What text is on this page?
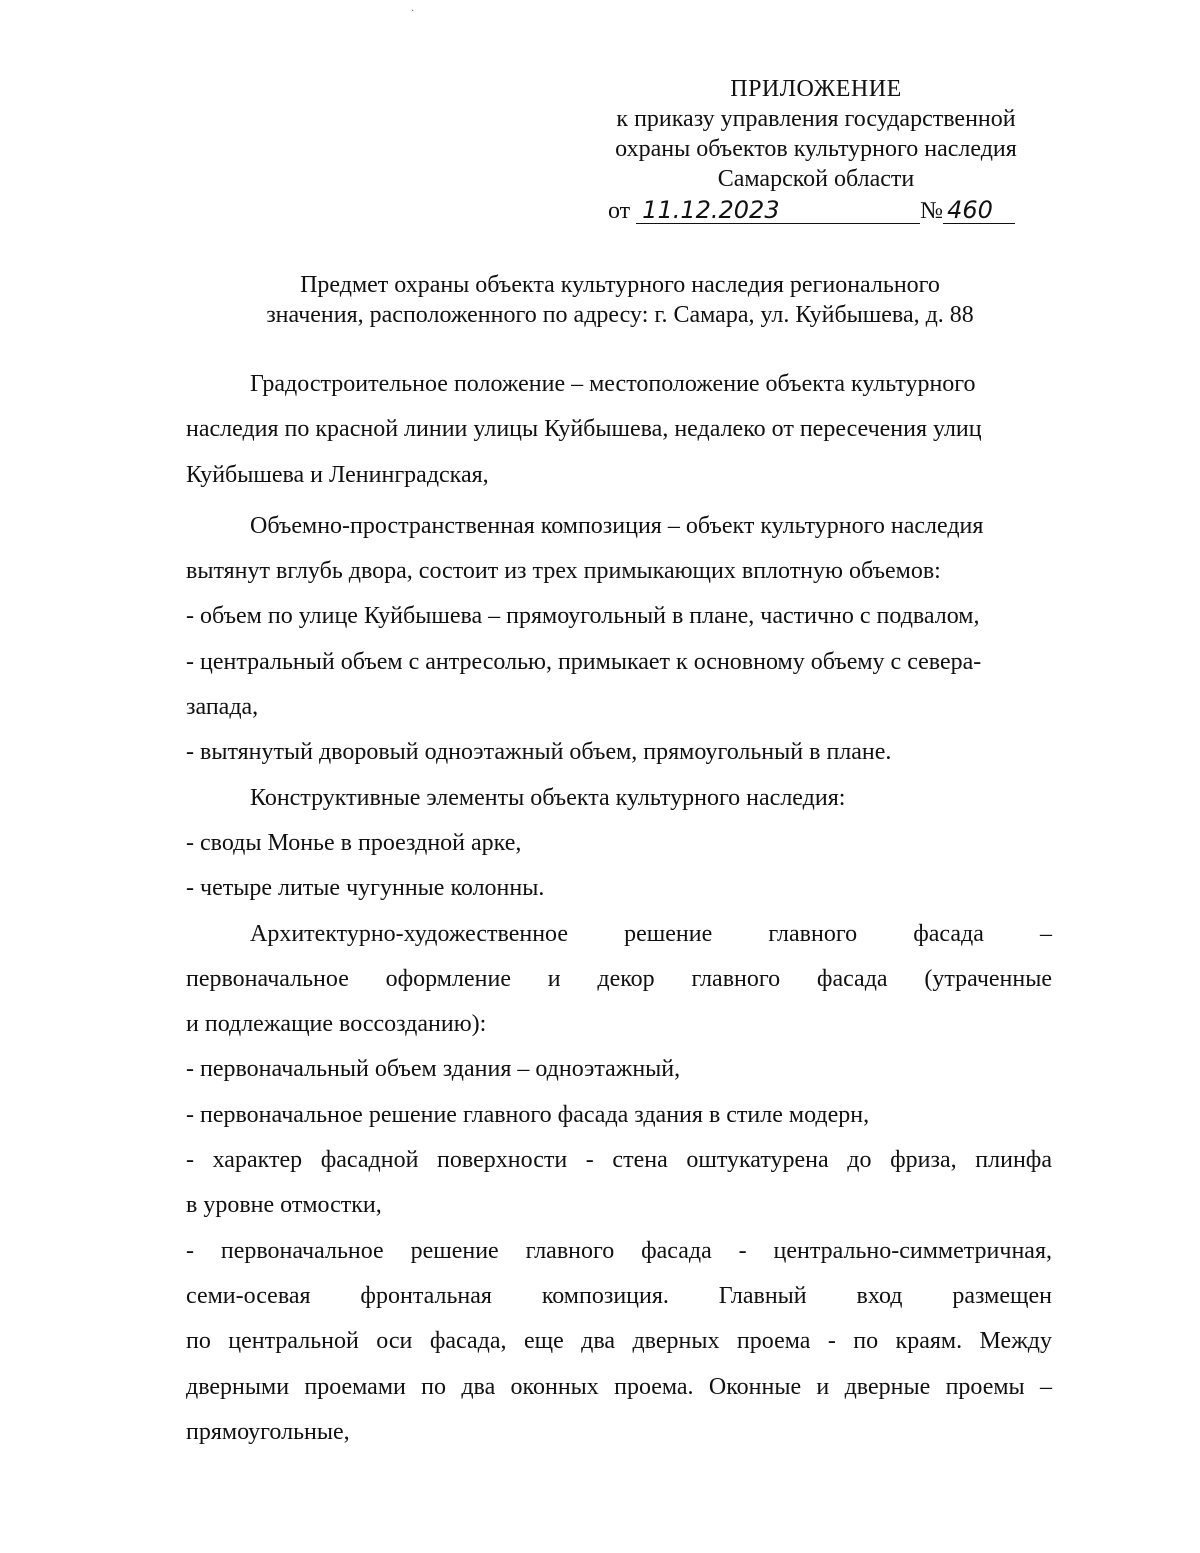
·
ПРИЛОЖЕНИЕ
к приказу управления государственной
охраны объектов культурного наследия
Самарской области
от 11.12.2023	№ 460
Предмет охраны объекта культурного наследия регионального
значения, расположенного по адресу: г. Самара, ул. Куйбышева, д. 88
Градостроительное положение – местоположение объекта культурного
наследия по красной линии улицы Куйбышева, недалеко от пересечения улиц
Куйбышева и Ленинградская,
Объемно-пространственная композиция – объект культурного наследия
вытянут вглубь двора, состоит из трех примыкающих вплотную объемов:
- объем по улице Куйбышева – прямоугольный в плане, частично с подвалом,
- центральный объем с антресолью, примыкает к основному объему с севера-
запада,
- вытянутый дворовый одноэтажный объем, прямоугольный в плане.
Конструктивные элементы объекта культурного наследия:
- своды Монье в проездной арке,
- четыре литые чугунные колонны.
Архитектурно-художественное решение главного фасада –
первоначальное оформление и декор главного фасада (утраченные
и подлежащие воссозданию):
- первоначальный объем здания – одноэтажный,
- первоначальное решение главного фасада здания в стиле модерн,
- характер фасадной поверхности - стена оштукатурена до фриза, плинфа
в уровне отмостки,
- первоначальное решение главного фасада - центрально-симметричная,
семи-осевая фронтальная композиция. Главный вход размещен
по центральной оси фасада, еще два дверных проема - по краям. Между
дверными проемами по два оконных проема. Оконные и дверные проемы –
прямоугольные,
